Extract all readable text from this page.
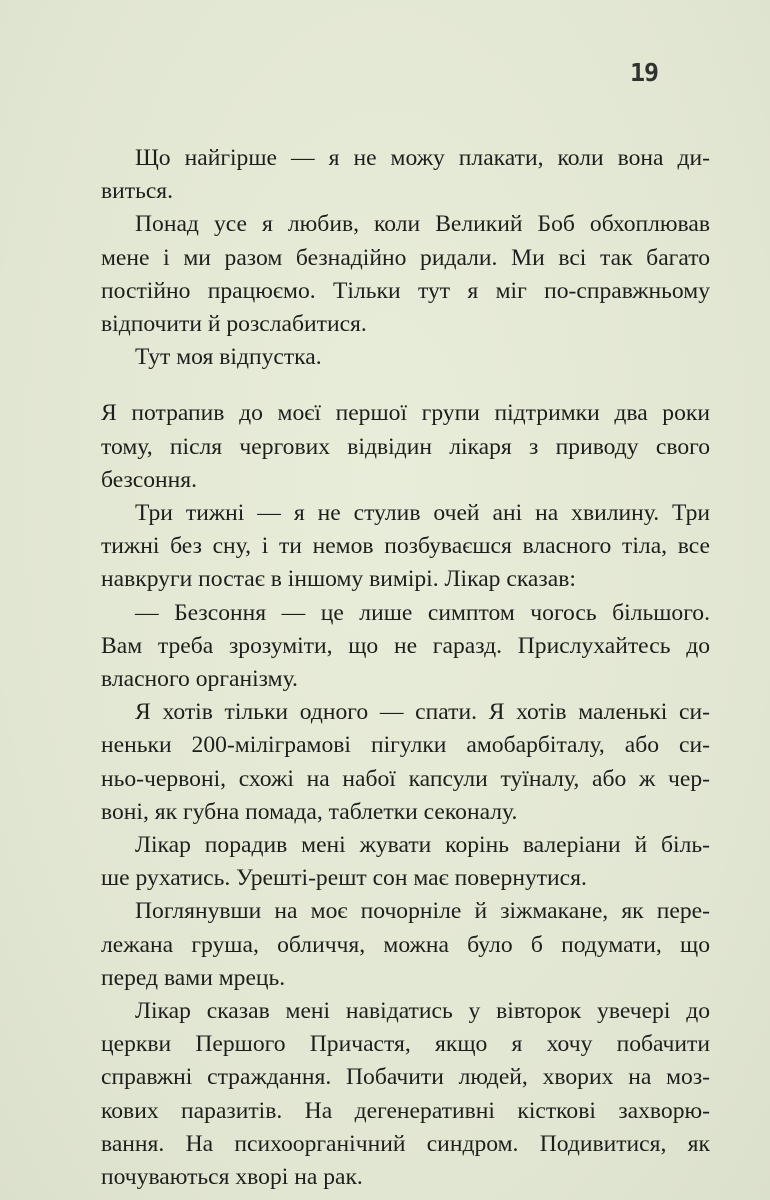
19

Що найгірше — я не можу плакати, коли вона ди-
виться.

Понад усе я любив, коли Великий Боб обхоплював
мене і ми разом безнадійно ридали. Ми всі так багато
постійно працюємо. Тільки тут я міг по-справжньому
відпочити й розслабитися.

Тут моя відпустка.

Я потрапив до моєї першої групи підтримки два роки
тому, після чергових відвідин лікаря з приводу свого
безсоння.

Три тижні — я не стулив очей ані на хвилину. Три
тижні без сну, і ти немов позбуваєшся власного тіла, все
навкруги постає в іншому вимірі. Лікар сказав:

— Безсоння — це лише симптом чогось більшого.
Вам треба зрозуміти, що не гаразд. Прислухайтесь до
власного організму.

Я хотів тільки одного — спати. Я хотів маленькі си-
неньки 200-міліграмові пігулки амобарбіталу, або си-
ньо-червоні, схожі на набої капсули туїналу, або ж чер-
воні, як губна помада, таблетки секоналу.

Лікар порадив мені жувати корінь валеріани й біль-
ше рухатись. Урешті-решт сон має повернутися.

Поглянувши на моє почорніле й зіжмакане, як пере-
лежана груша, обличчя, можна було б подумати, що
перед вами мрець.

Лікар сказав мені навідатись у вівторок увечері до
церкви Першого Причастя, якщо я хочу побачити
справжні страждання. Побачити людей, хворих на моз-
кових паразитів. На дегенеративні кісткові захворю-
вання. На психоорганічний синдром. Подивитися, як
почуваються хворі на рак.
